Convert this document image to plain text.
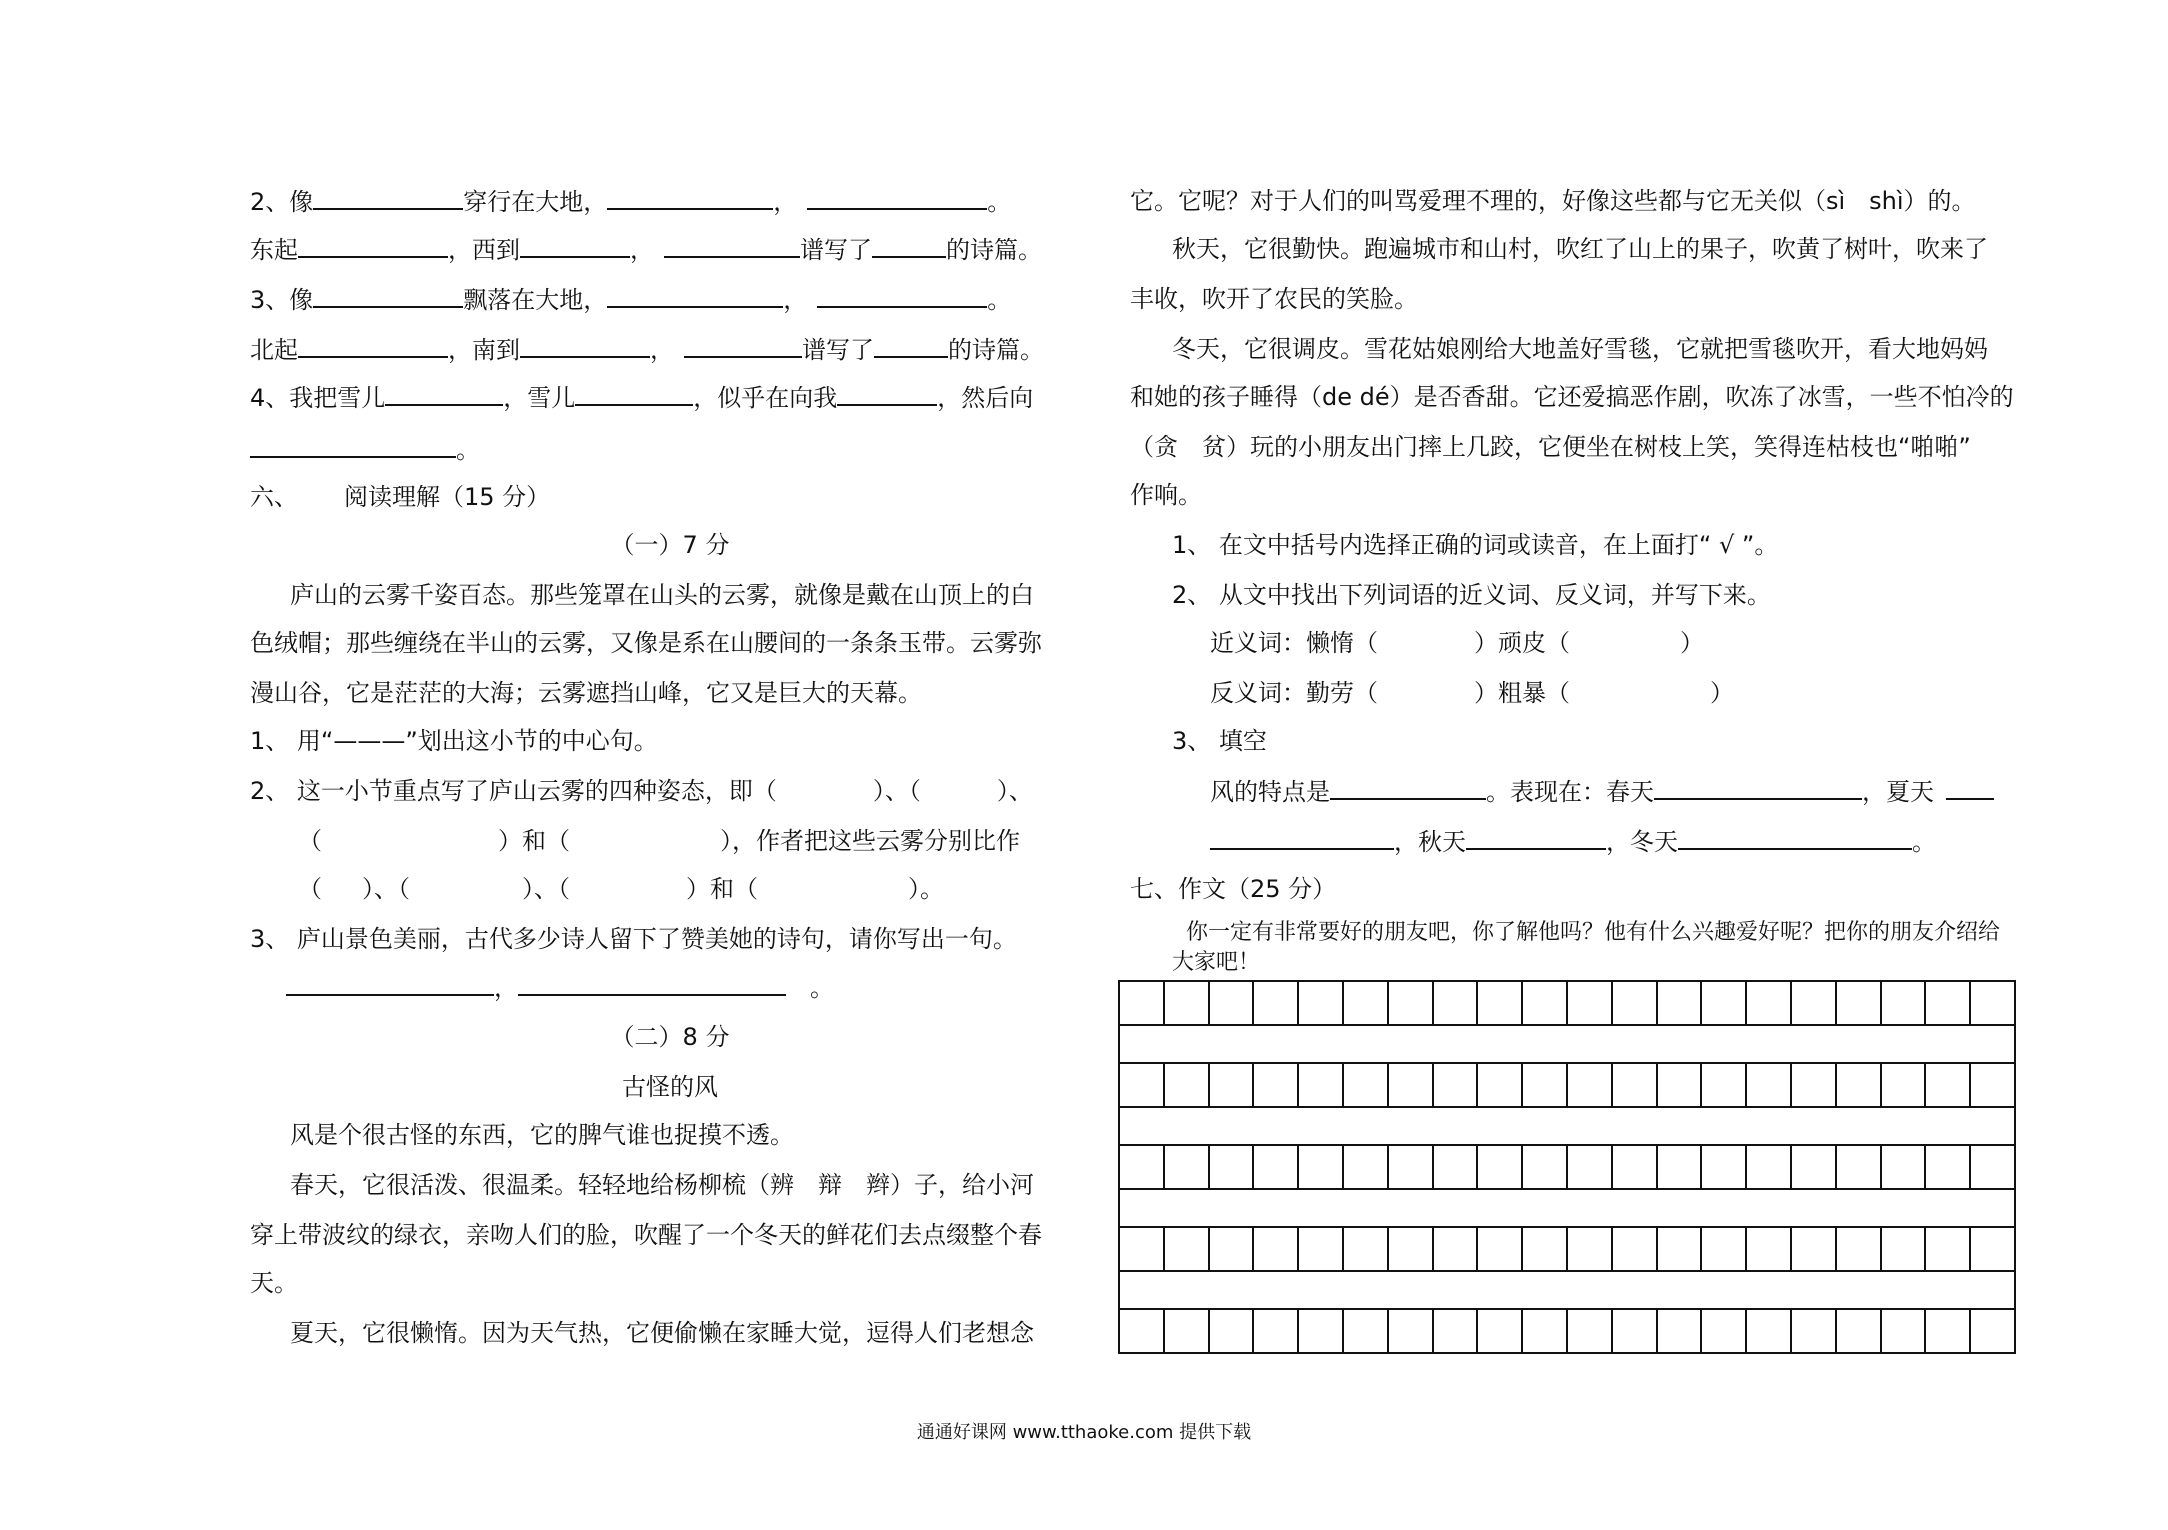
2、像	穿行在大地，	，	。
东起	，西到	，	谱写了	的诗篇。
3、像	飘落在大地，	，	。
北起	，南到	，	谱写了	的诗篇。
4、我把雪儿	，雪儿	，似乎在向我	，然后向
。
六、 阅读理解（15 分）
（一）7 分
庐山的云雾千姿百态。那些笼罩在山头的云雾，就像是戴在山顶上的白
色绒帽；那些缠绕在半山的云雾，又像是系在山腰间的一条条玉带。云雾弥
漫山谷，它是茫茫的大海；云雾遮挡山峰，它又是巨大的天幕。
1、 用“———”划出这小节的中心句。
2、 这一小节重点写了庐山云雾的四种姿态，即（	）、（	）、
（	）和（	），作者把这些云雾分别比作
（ ）、（	）、（	）和（	）。
3、 庐山景色美丽，古代多少诗人留下了赞美她的诗句，请你写出一句。
，	。
（二）8 分
古怪的风
风是个很古怪的东西，它的脾气谁也捉摸不透。
春天，它很活泼、很温柔。轻轻地给杨柳梳（辨　辩　辫）子，给小河
穿上带波纹的绿衣，亲吻人们的脸，吹醒了一个冬天的鲜花们去点缀整个春
天。
夏天，它很懒惰。因为天气热，它便偷懒在家睡大觉，逗得人们老想念
它。它呢？对于人们的叫骂爱理不理的，好像这些都与它无关似（sì　shì）的。
秋天，它很勤快。跑遍城市和山村，吹红了山上的果子，吹黄了树叶，吹来了
丰收，吹开了农民的笑脸。
冬天，它很调皮。雪花姑娘刚给大地盖好雪毯，它就把雪毯吹开，看大地妈妈
和她的孩子睡得（de dé）是否香甜。它还爱搞恶作剧，吹冻了冰雪，一些不怕冷的
（贪　贫）玩的小朋友出门摔上几跤，它便坐在树枝上笑，笑得连枯枝也“啪啪”
作响。
1、 在文中括号内选择正确的词或读音，在上面打“ √ ”。
2、 从文中找出下列词语的近义词、反义词，并写下来。
近义词：懒惰（	）顽皮（	）
反义词：勤劳（	）粗暴（	）
3、 填空
风的特点是	。表现在：春天	，夏天
，秋天	，冬天	。
七、作文（25 分）
你一定有非常要好的朋友吧，你了解他吗？他有什么兴趣爱好呢？把你的朋友介绍给
大家吧！
通通好课网 www.tthaoke.com 提供下载
